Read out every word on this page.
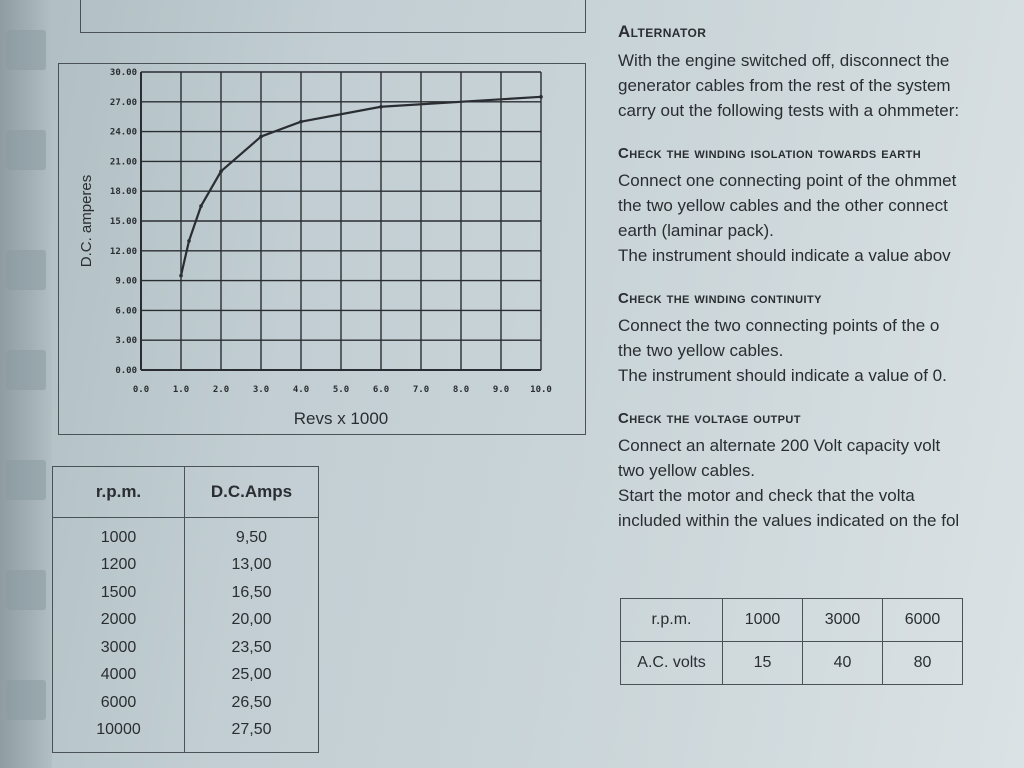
0.0	1.0	2.0	3.0	4.0	5.0	6.0	7.0	8.0	9.0 10.0
0.00
3.00
6.00
9.00
12.00
15.00
18.00
21.00
24.00
27.00
30.00
Revs x 1000
D.C. amperes
r.p.m.	D.C.Amps
1000	9,50
1200	13,00
1500	16,50
2000	20,00
3000	23,50
4000	25,00
6000	26,50
10000	27,50
Alternator

With the engine switched off, disconnect the

generator cables from the rest of the system

carry out the following tests with a ohmmeter:

Check the winding isolation towards earth

Connect one connecting point of the ohmmet

the two yellow cables and the other connect

earth (laminar pack).

The instrument should indicate a value abov

Check the winding continuity

Connect the two connecting points of the o

the two yellow cables.

The instrument should indicate a value of 0.

Check the voltage output

Connect an alternate 200 Volt capacity volt

two yellow cables.

Start the motor and check that the volta

included within the values indicated on the fol

r.p.m.	1000	3000	6000
A.C. volts	15	40	80
